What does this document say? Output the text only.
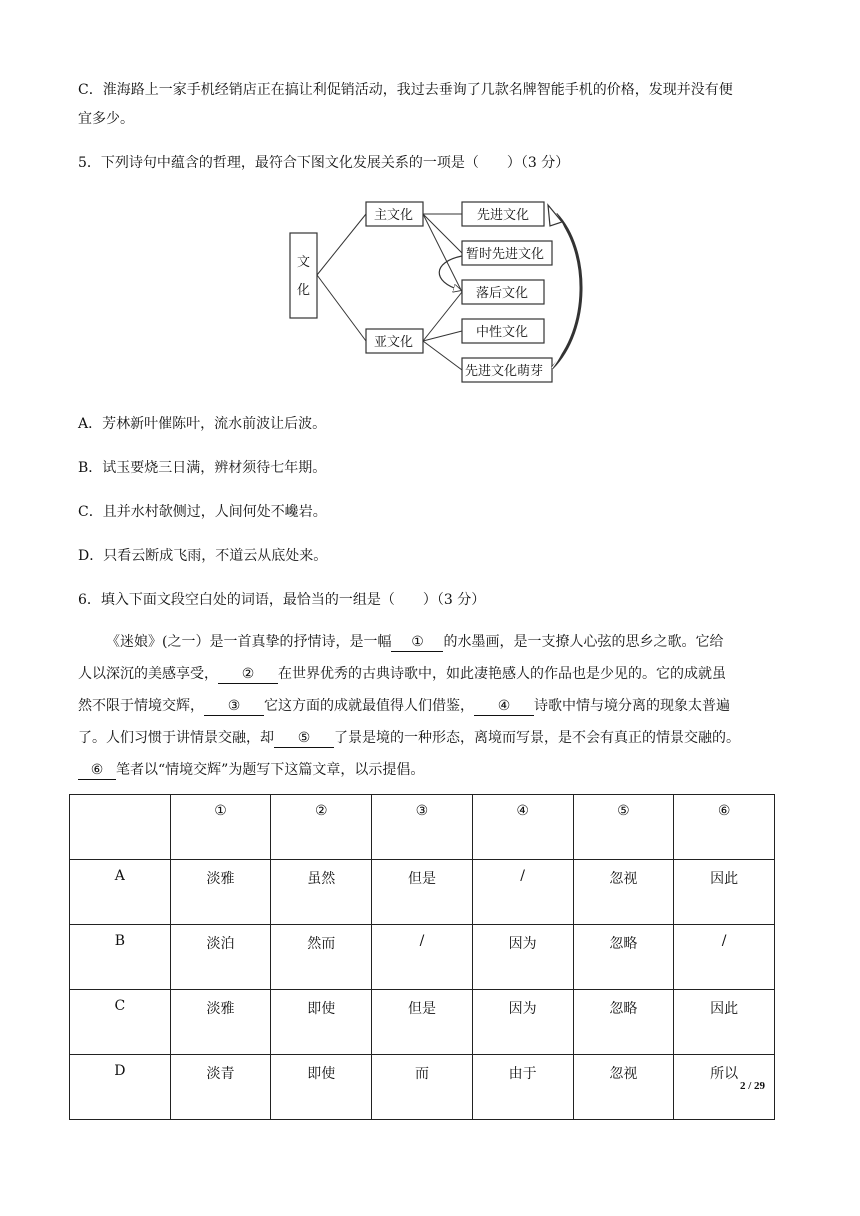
C．淮海路上一家手机经销店正在搞让利促销活动，我过去垂询了几款名牌智能手机的价格，发现并没有便
宜多少。
5．下列诗句中蕴含的哲理，最符合下图文化发展关系的一项是（　　）（3 分）
文
化
主文化
亚文化
先进文化
暂时先进文化
落后文化
中性文化
先进文化萌芽
A．芳林新叶催陈叶，流水前波让后波。
B．试玉要烧三日满，辨材须待七年期。
C．且并水村欹侧过，人间何处不巉岩。
D．只看云断成飞雨，不道云从底处来。
6．填入下面文段空白处的词语，最恰当的一组是（　　）（3 分）
《迷娘》(之一）是一首真挚的抒情诗，是一幅 ① 的水墨画，是一支撩人心弦的思乡之歌。它给
人以深沉的美感享受， ② 在世界优秀的古典诗歌中，如此凄艳感人的作品也是少见的。它的成就虽
然不限于情境交辉， ③ 它这方面的成就最值得人们借鉴， ④ 诗歌中情与境分离的现象太普遍
了。人们习惯于讲情景交融，却 ⑤ 了景是境的一种形态，离境而写景，是不会有真正的情景交融的。
⑥ 笔者以“情境交辉”为题写下这篇文章，以示提倡。
	①	②	③	④	⑤	⑥
A	淡雅	虽然	但是	/	忽视	因此
B	淡泊	然而	/	因为	忽略	/
C	淡雅	即使	但是	因为	忽略	因此
D	淡青	即使	而	由于	忽视	所以
2 / 29
